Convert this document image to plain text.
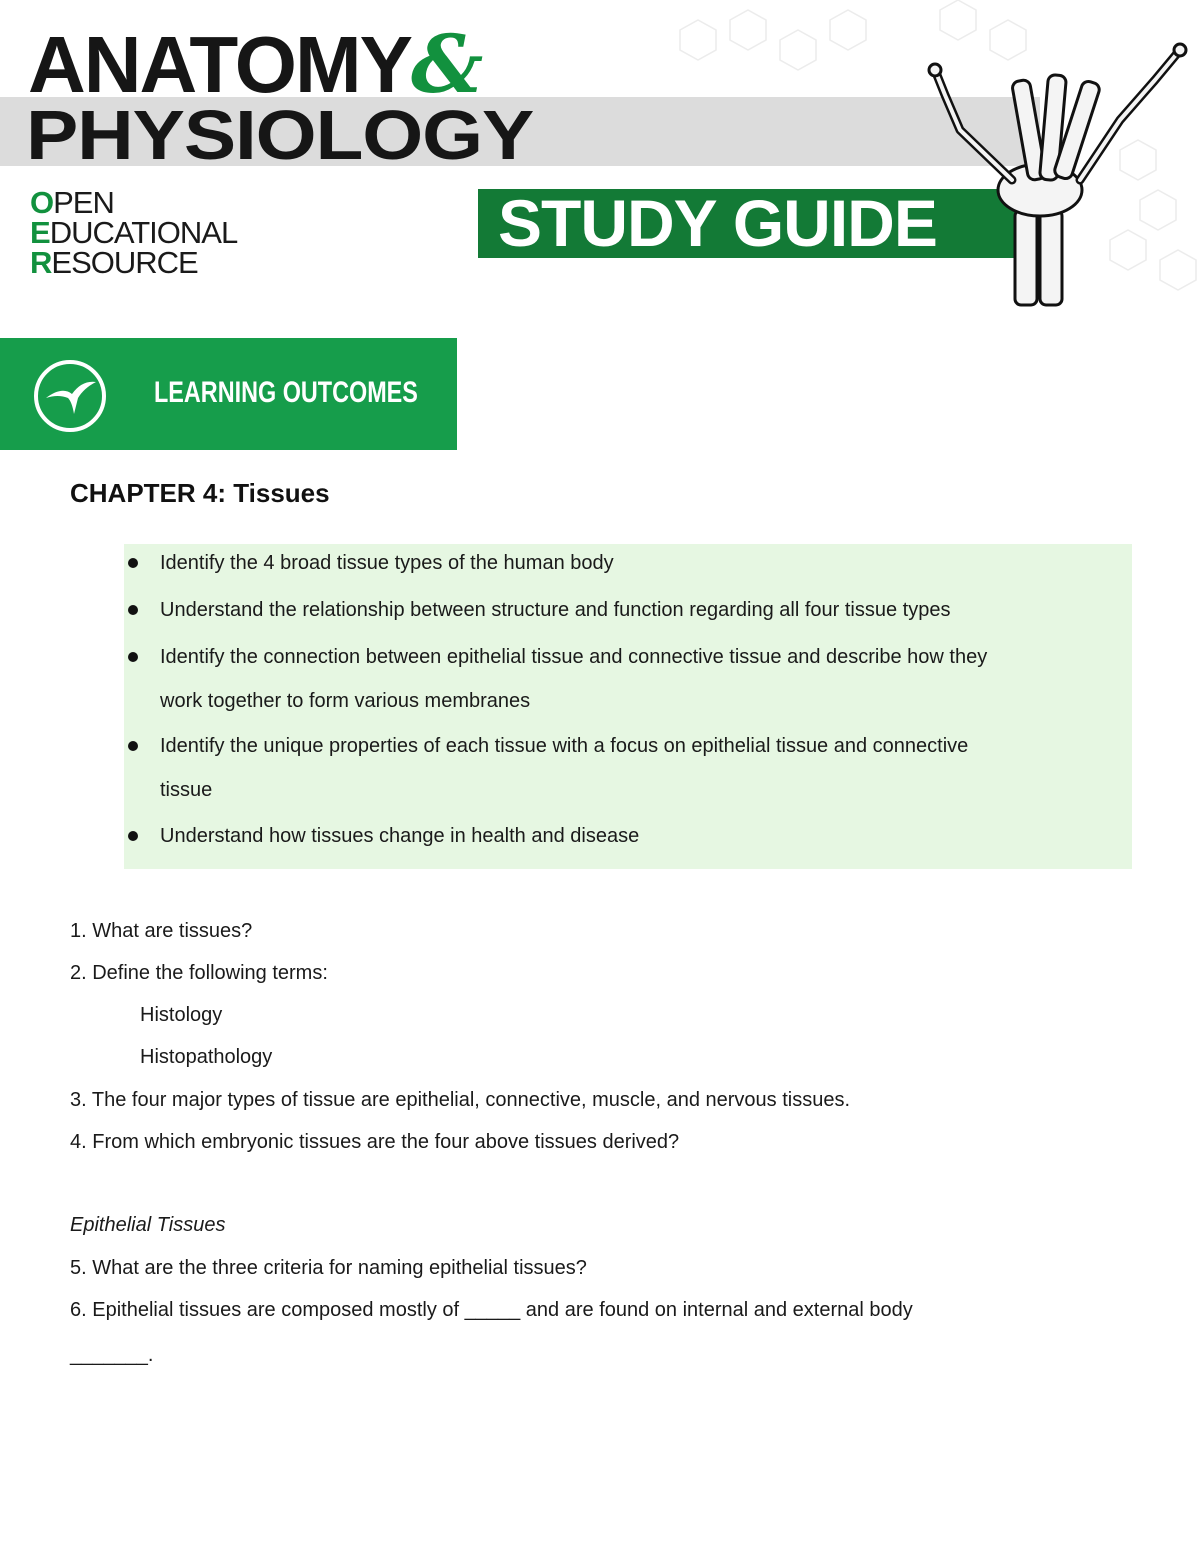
ANATOMY&
PHYSIOLOGY
OPEN
EDUCATIONAL
RESOURCE
STUDY GUIDE
LEARNING OUTCOMES
CHAPTER 4: Tissues
Identify the 4 broad tissue types of the human body
Understand the relationship between structure and function regarding all four tissue types
Identify the connection between epithelial tissue and connective tissue and describe how they
work together to form various membranes
Identify the unique properties of each tissue with a focus on epithelial tissue and connective
tissue
Understand how tissues change in health and disease
1. What are tissues?
2. Define the following terms:
Histology
Histopathology
3. The four major types of tissue are epithelial, connective, muscle, and nervous tissues.
4. From which embryonic tissues are the four above tissues derived?
Epithelial Tissues
5. What are the three criteria for naming epithelial tissues?
6. Epithelial tissues are composed mostly of _____ and are found on internal and external body
_______.
